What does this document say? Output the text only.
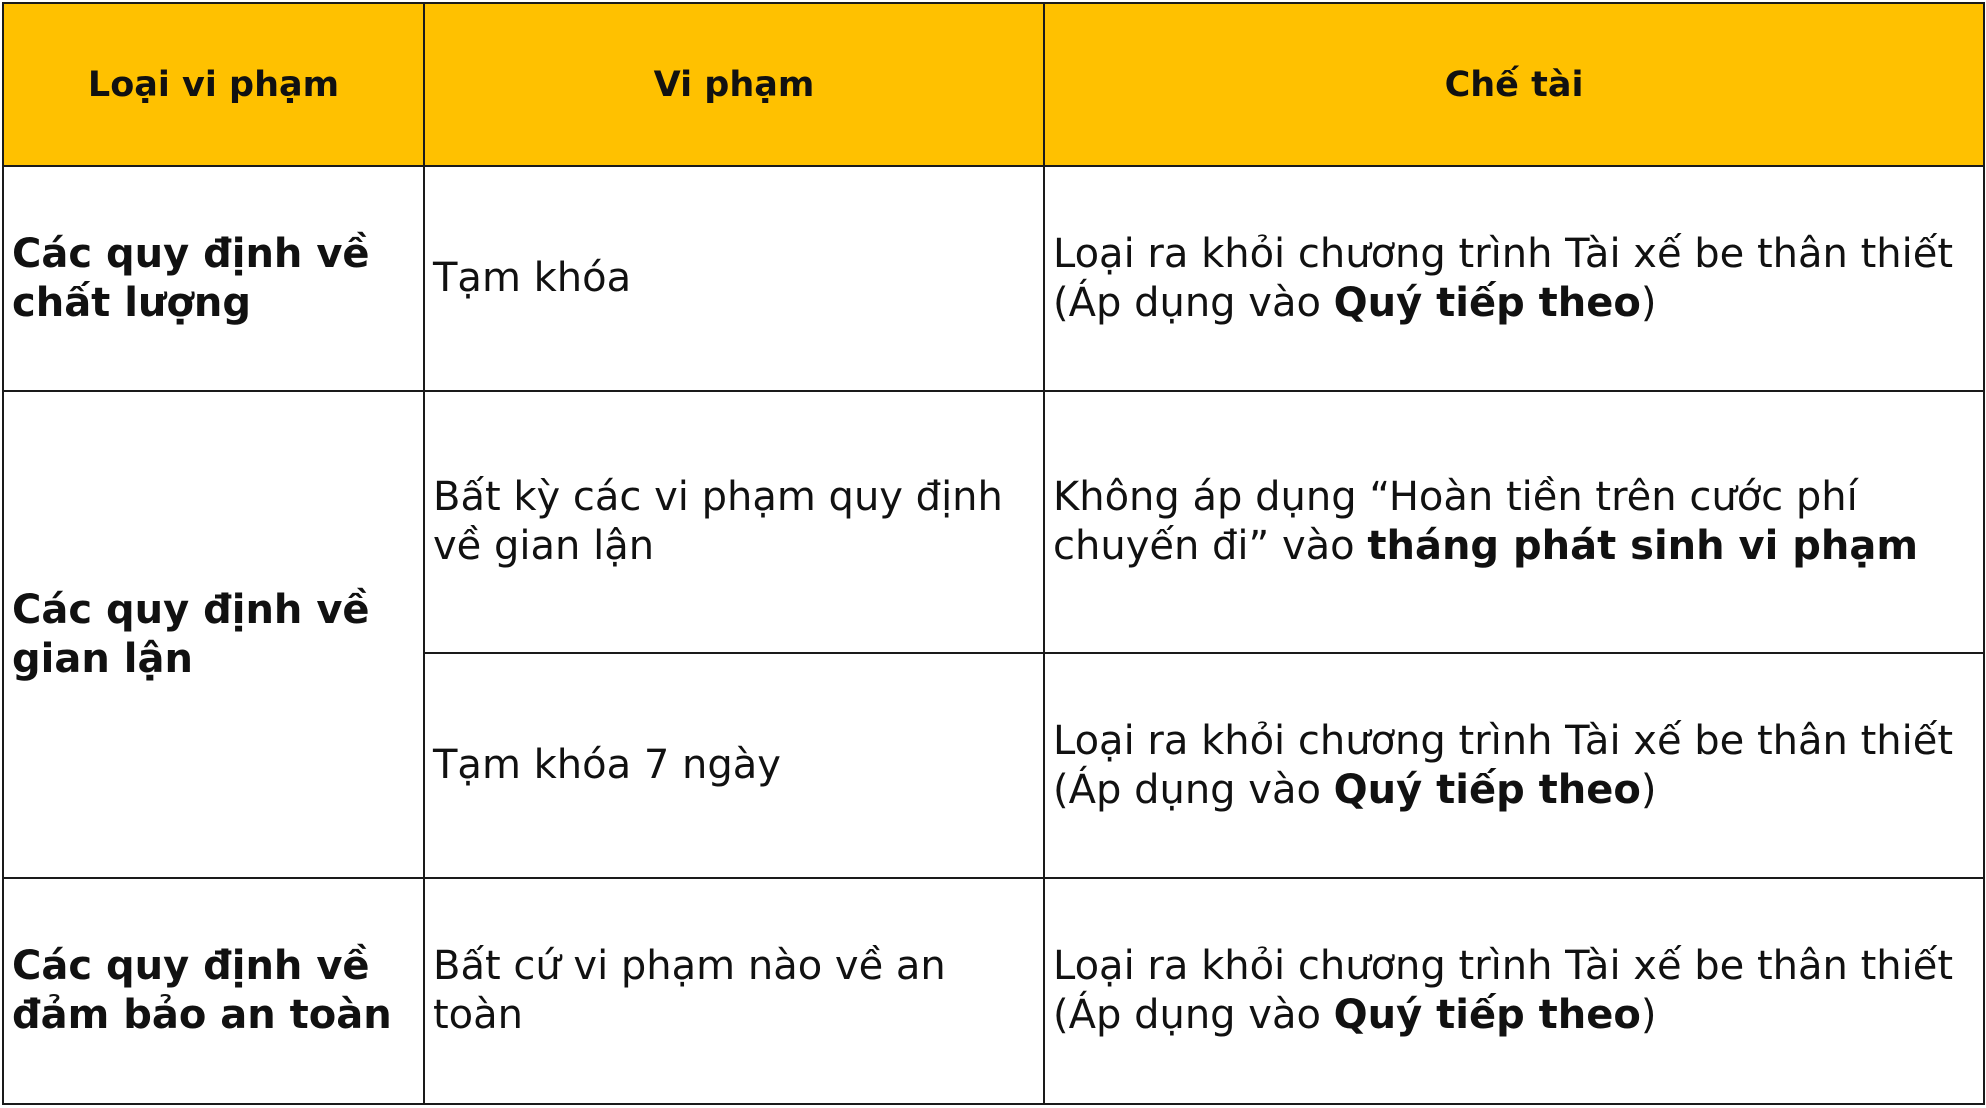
Loại vi phạm	Vi phạm	Chế tài
Các quy định về chất lượng	Tạm khóa	Loại ra khỏi chương trình Tài xế be thân thiết (Áp dụng vào Quý tiếp theo)
Các quy định về gian lận	Bất kỳ các vi phạm quy định về gian lận	Không áp dụng “Hoàn tiền trên cước phí chuyến đi” vào tháng phát sinh vi phạm
	Tạm khóa 7 ngày	Loại ra khỏi chương trình Tài xế be thân thiết (Áp dụng vào Quý tiếp theo)
Các quy định về đảm bảo an toàn	Bất cứ vi phạm nào về an toàn	Loại ra khỏi chương trình Tài xế be thân thiết (Áp dụng vào Quý tiếp theo)
